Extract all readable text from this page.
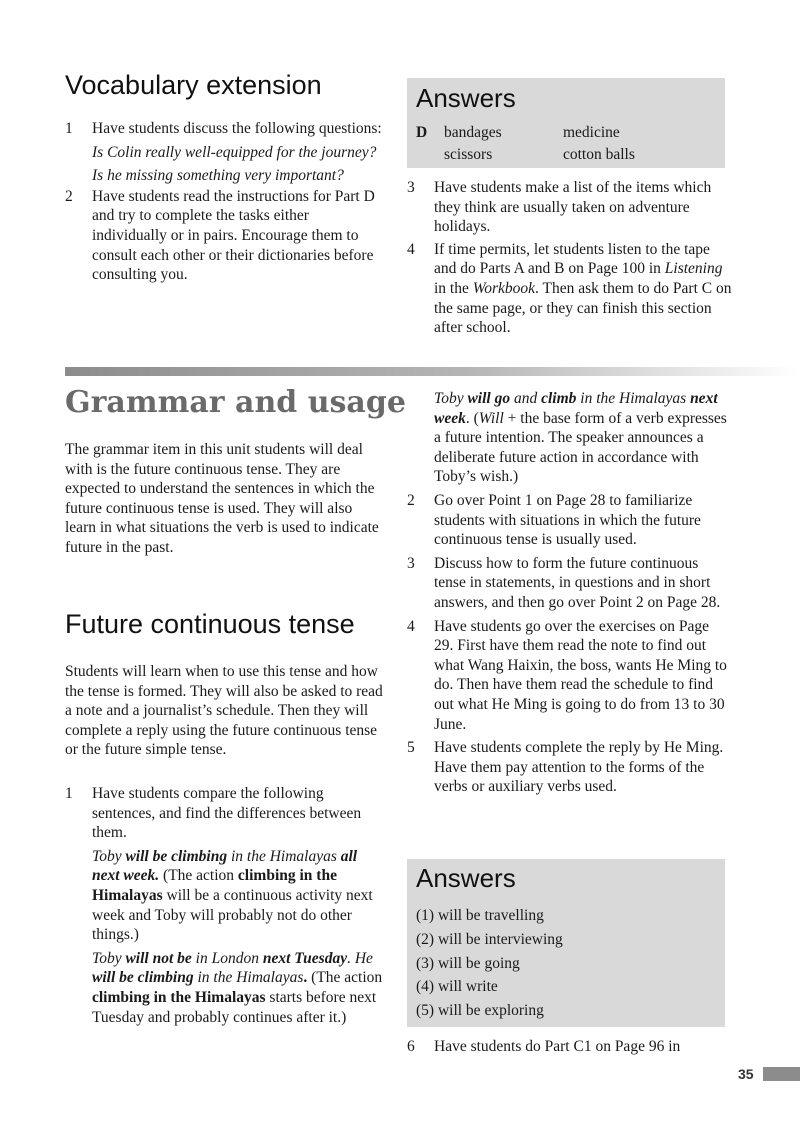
Vocabulary extension
1 Have students discuss the following questions:
Is Colin really well-equipped for the journey?
Is he missing something very important?
2 Have students read the instructions for Part D and try to complete the tasks either individually or in pairs. Encourage them to consult each other or their dictionaries before consulting you.
Answers
D bandages	medicine
scissors	cotton balls
3 Have students make a list of the items which they think are usually taken on adventure holidays.
4 If time permits, let students listen to the tape and do Parts A and B on Page 100 in Listening in the Workbook. Then ask them to do Part C on the same page, or they can finish this section after school.
Grammar and usage
The grammar item in this unit students will deal with is the future continuous tense. They are expected to understand the sentences in which the future continuous tense is used. They will also learn in what situations the verb is used to indicate future in the past.
Future continuous tense
Students will learn when to use this tense and how the tense is formed. They will also be asked to read a note and a journalist’s schedule. Then they will complete a reply using the future continuous tense or the future simple tense.
1 Have students compare the following sentences, and find the differences between them.
Toby will be climbing in the Himalayas all next week. (The action climbing in the Himalayas will be a continuous activity next week and Toby will probably not do other things.)
Toby will not be in London next Tuesday. He will be climbing in the Himalayas. (The action climbing in the Himalayas starts before next Tuesday and probably continues after it.)
Toby will go and climb in the Himalayas next week. (Will + the base form of a verb expresses a future intention. The speaker announces a deliberate future action in accordance with Toby’s wish.)
2 Go over Point 1 on Page 28 to familiarize students with situations in which the future continuous tense is usually used.
3 Discuss how to form the future continuous tense in statements, in questions and in short answers, and then go over Point 2 on Page 28.
4 Have students go over the exercises on Page 29. First have them read the note to find out what Wang Haixin, the boss, wants He Ming to do. Then have them read the schedule to find out what He Ming is going to do from 13 to 30 June.
5 Have students complete the reply by He Ming. Have them pay attention to the forms of the verbs or auxiliary verbs used.
Answers
(1) will be travelling
(2) will be interviewing
(3) will be going
(4) will write
(5) will be exploring
6 Have students do Part C1 on Page 96 in
35
